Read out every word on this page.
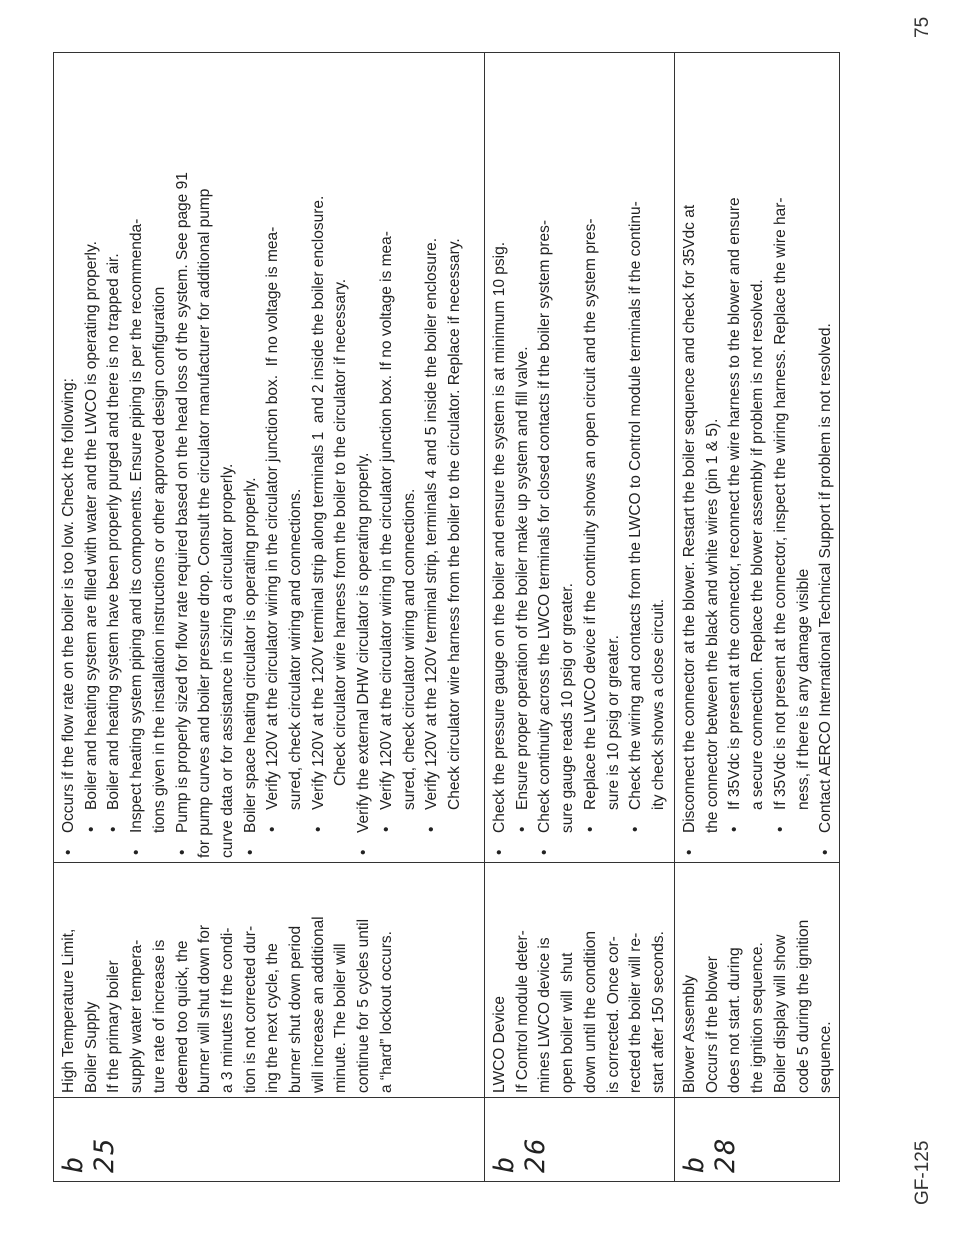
75
GF-125
b 25
High Temperature Limit, Boiler Supply If the primary boiler supply water tempera- ture rate of increase is deemed too quick, the burner will shut down for a 3 minutes If the condi- tion is not corrected dur- ing the next cycle, the burner shut down period will increase an additional minute. The boiler will continue for 5 cycles until a “hard” lockout occurs.
• Occurs if the flow rate on the boiler is too low. Check the following: • Boiler and heating system are filled with water and the LWCO is operating properly. • Boiler and heating system have been properly purged and there is no trapped air. • Inspect heating system piping and its components. Ensure piping is per the recommenda- tions given in the installation instructions or other approved design configuration • Pump is properly sized for flow rate required based on the head loss of the system. See page 91 for pump curves and boiler pressure drop. Consult the circulator manufacturer for additional pump curve data or for assistance in sizing a circulator properly. • Boiler space heating circulator is operating properly. • Verify 120V at the circulator wiring in the circulator junction box.  If no voltage is mea- sured, check circulator wiring and connections. • Verify 120V at the 120V terminal strip along terminals 1  and 2 inside the boiler enclosure. Check circulator wire harness from the boiler to the circulator if necessary. • Verify the external DHW circulator is operating properly. • Verify 120V at the circulator wiring in the circulator junction box. If no voltage is mea- sured, check circulator wiring and connections. • Verify 120V at the 120V terminal strip, terminals 4 and 5 inside the boiler enclosure. Check circulator wire harness from the boiler to the circulator. Replace if necessary.
b 26
LWCO Device If Control module deter- mines LWCO device is open boiler will  shut down until the condition is corrected. Once cor- rected the boiler will re- start after 150 seconds.
• Check the pressure gauge on the boiler and ensure the system is at minimum 10 psig. • Ensure proper operation of the boiler make up system and fill valve. • Check continuity across the LWCO terminals for closed contacts if the boiler system pres- sure gauge reads 10 psig or greater. • Replace the LWCO device if the continuity shows an open circuit and the system pres- sure is 10 psig or greater. • Check the wiring and contacts from the LWCO to Control module terminals if the continu- ity check shows a close circuit.
b 28
Blower Assembly Occurs if the blower does not start. during the ignition sequence. Boiler display will show code 5 during the ignition sequence.
• Disconnect the connector at the blower. Restart the boiler sequence and check for 35Vdc at the connector between the black and white wires (pin 1 & 5). • If 35Vdc is present at the connector, reconnect the wire harness to the blower and ensure a secure connection. Replace the blower assembly if problem is not resolved. • If 35Vdc is not present at the connector, inspect the wiring harness. Replace the wire har- ness, if there is any damage visible • Contact AERCO International Technical Support if problem is not resolved.
